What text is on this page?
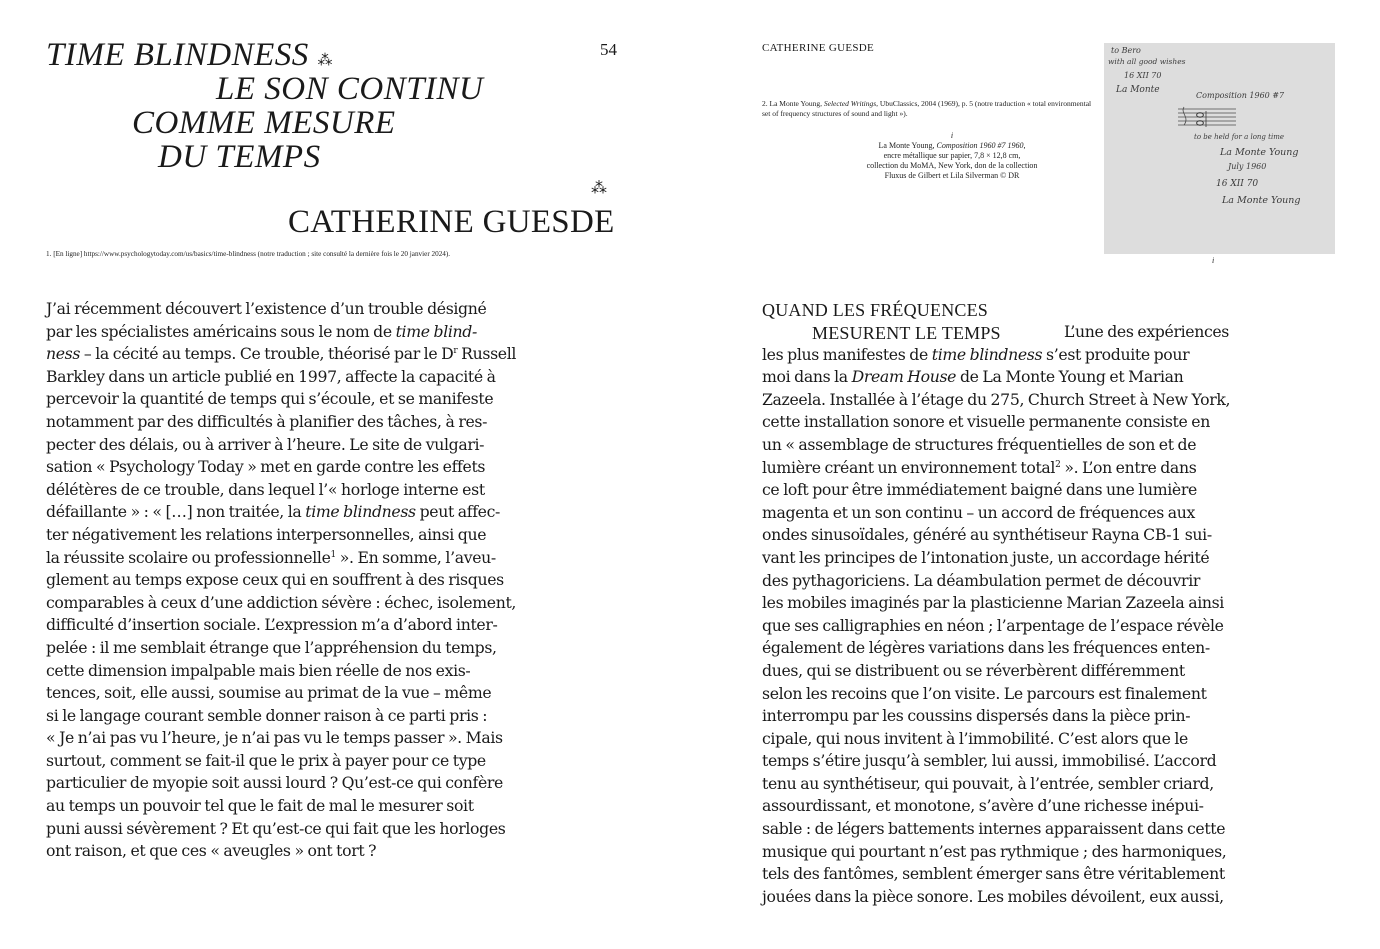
TIME BLINDNESS ⁂
LE SON CONTINU
COMME MESURE
DU TEMPS
54
⁂
CATHERINE GUESDE
1. [En ligne] https://www.psychologytoday.com/us/basics/time-blindness (notre traduction ; site consulté la dernière fois le 20 janvier 2024).
J’ai récemment découvert l’existence d’un trouble désigné
par les spécialistes américains sous le nom de time blind-
ness – la cécité au temps. Ce trouble, théorisé par le $D^r$ Russell
Barkley dans un article publié en 1997, affecte la capacité à
percevoir la quantité de temps qui s’écoule, et se manifeste
notamment par des difficultés à planifier des tâches, à res-
pecter des délais, ou à arriver à l’heure. Le site de vulgari-
sation « Psychology Today » met en garde contre les effets
délétères de ce trouble, dans lequel l’« horloge interne est
défaillante » : « […] non traitée, la time blindness peut affec-
ter négativement les relations interpersonnelles, ainsi que
la réussite scolaire ou professionnelle$^1$ ». En somme, l’aveu-
glement au temps expose ceux qui en souffrent à des risques
comparables à ceux d’une addiction sévère : échec, isolement,
difficulté d’insertion sociale. L’expression m’a d’abord inter-
pelée : il me semblait étrange que l’appréhension du temps,
cette dimension impalpable mais bien réelle de nos exis-
tences, soit, elle aussi, soumise au primat de la vue – même
si le langage courant semble donner raison à ce parti pris :
« Je n’ai pas vu l’heure, je n’ai pas vu le temps passer ». Mais
surtout, comment se fait-il que le prix à payer pour ce type
particulier de myopie soit aussi lourd ? Qu’est-ce qui confère
au temps un pouvoir tel que le fait de mal le mesurer soit
puni aussi sévèrement ? Et qu’est-ce qui fait que les horloges
ont raison, et que ces « aveugles » ont tort ?
CATHERINE GUESDE
2. La Monte Young, Selected Writings, UbuClassics, 2004 (1969), p. 5 (notre traduction « total environmental set of frequency structures of sound and light »).
i
La Monte Young, Composition 1960 #7 1960,
encre métallique sur papier, 7,8 × 12,8 cm,
collection du MoMA, New York, don de la collection
Fluxus de Gilbert et Lila Silverman © DR
to Bero
with all good wishes
16 XII 70
La Monte
Composition 1960 #7
to be held for a long time
La Monte Young
July 1960
16 XII 70
La Monte Young
i
QUAND LES FRÉQUENCES
MESURENT LE TEMPS	L’une des expériences
les plus manifestes de time blindness s’est produite pour
moi dans la Dream House de La Monte Young et Marian
Zazeela. Installée à l’étage du 275, Church Street à New York,
cette installation sonore et visuelle permanente consiste en
un « assemblage de structures fréquentielles de son et de
lumière créant un environnement total$^2$ ». L’on entre dans
ce loft pour être immédiatement baigné dans une lumière
magenta et un son continu – un accord de fréquences aux
ondes sinusoïdales, généré au synthétiseur Rayna CB-1 sui-
vant les principes de l’intonation juste, un accordage hérité
des pythagoriciens. La déambulation permet de découvrir
les mobiles imaginés par la plasticienne Marian Zazeela ainsi
que ses calligraphies en néon ; l’arpentage de l’espace révèle
également de légères variations dans les fréquences enten-
dues, qui se distribuent ou se réverbèrent différemment
selon les recoins que l’on visite. Le parcours est finalement
interrompu par les coussins dispersés dans la pièce prin-
cipale, qui nous invitent à l’immobilité. C’est alors que le
temps s’étire jusqu’à sembler, lui aussi, immobilisé. L’accord
tenu au synthétiseur, qui pouvait, à l’entrée, sembler criard,
assourdissant, et monotone, s’avère d’une richesse inépui-
sable : de légers battements internes apparaissent dans cette
musique qui pourtant n’est pas rythmique ; des harmoniques,
tels des fantômes, semblent émerger sans être véritablement
jouées dans la pièce sonore. Les mobiles dévoilent, eux aussi,
